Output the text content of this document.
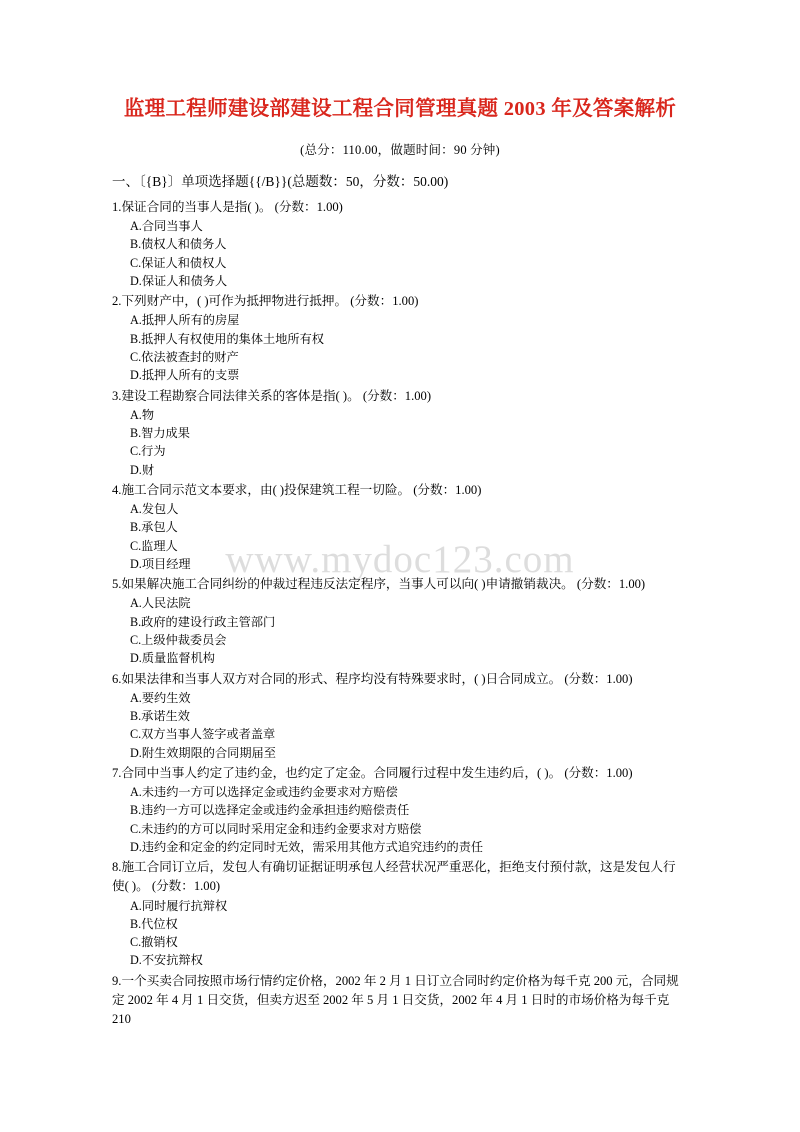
www.mydoc123.com
监理工程师建设部建设工程合同管理真题 2003 年及答案解析
(总分：110.00，做题时间：90 分钟)
一、〔{B}〕单项选择题{{/B}}(总题数：50，分数：50.00)

1.保证合同的当事人是指( )。 (分数：1.00)

A.合同当事人

B.债权人和债务人

C.保证人和债权人

D.保证人和债务人

2.下列财产中，( )可作为抵押物进行抵押。 (分数：1.00)

A.抵押人所有的房屋

B.抵押人有权使用的集体土地所有权

C.依法被查封的财产

D.抵押人所有的支票

3.建设工程勘察合同法律关系的客体是指( )。 (分数：1.00)

A.物

B.智力成果

C.行为

D.财

4.施工合同示范文本要求，由( )投保建筑工程一切险。 (分数：1.00)

A.发包人

B.承包人

C.监理人

D.项目经理

5.如果解决施工合同纠纷的仲裁过程违反法定程序，当事人可以向( )申请撤销裁决。 (分数：1.00)

A.人民法院

B.政府的建设行政主管部门

C.上级仲裁委员会

D.质量监督机构

6.如果法律和当事人双方对合同的形式、程序均没有特殊要求时，( )日合同成立。 (分数：1.00)

A.要约生效

B.承诺生效

C.双方当事人签字或者盖章

D.附生效期限的合同期届至

7.合同中当事人约定了违约金，也约定了定金。合同履行过程中发生违约后，( )。 (分数：1.00)

A.未违约一方可以选择定金或违约金要求对方赔偿

B.违约一方可以选择定金或违约金承担违约赔偿责任

C.未违约的方可以同时采用定金和违约金要求对方赔偿

D.违约金和定金的约定同时无效，需采用其他方式追究违约的责任

8.施工合同订立后，发包人有确切证据证明承包人经营状况严重恶化，拒绝支付预付款，这是发包人行使( )。 (分数：1.00)

A.同时履行抗辩权

B.代位权

C.撤销权

D.不安抗辩权

9.一个买卖合同按照市场行情约定价格，2002 年 2 月 1 日订立合同时约定价格为每千克 200 元，合同规定 2002 年 4 月 1 日交货，但卖方迟至 2002 年 5 月 1 日交货，2002 年 4 月 1 日时的市场价格为每千克 210
